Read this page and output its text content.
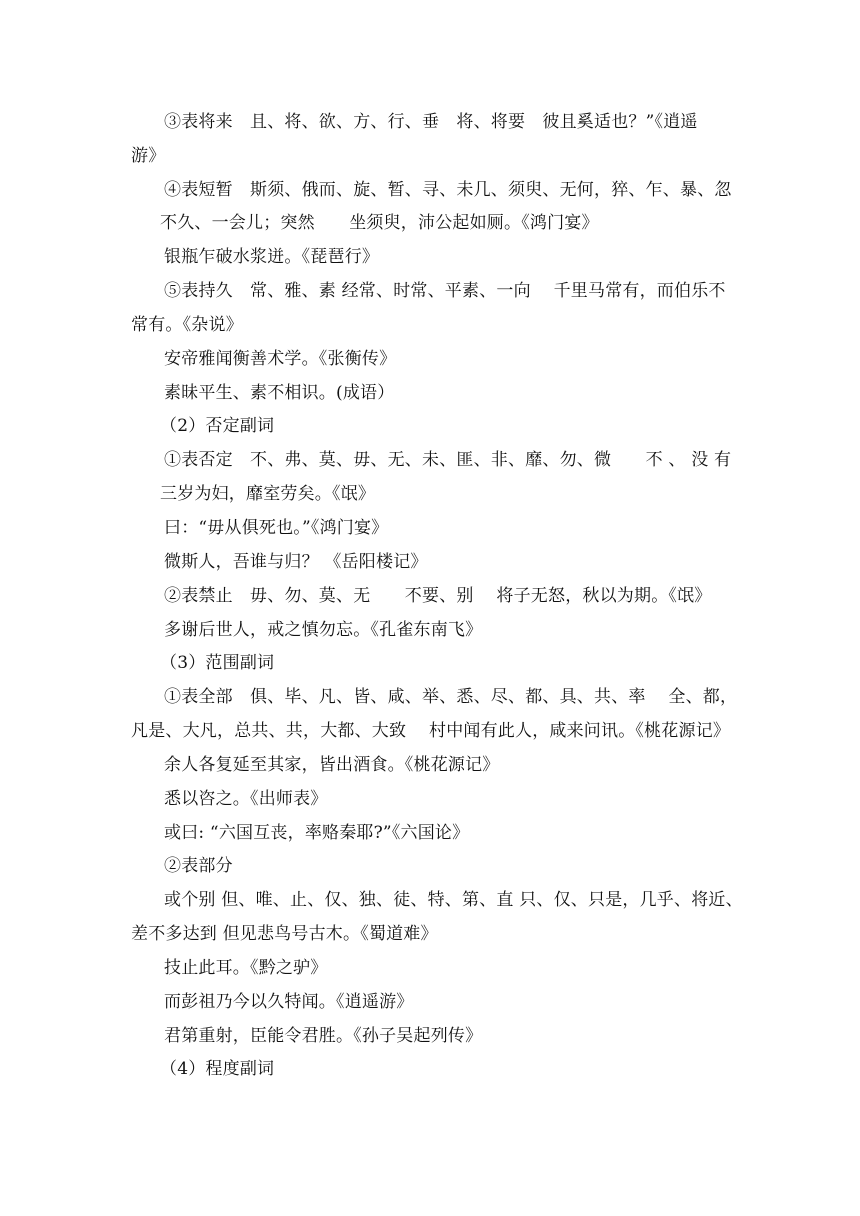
③表将来　且、将、欲、方、行、垂　将、将要　彼且奚适也？”《逍遥
游》
④表短暂　斯须、俄而、旋、暂、寻、未几、须臾、无何，猝、乍、暴、忽
不久、一会儿；突然　　坐须臾，沛公起如厕。《鸿门宴》
银瓶乍破水浆迸。《琵琶行》
⑤表持久　常、雅、素 经常、时常、平素、一向　 千里马常有，而伯乐不
常有。《杂说》
安帝雅闻衡善术学。《张衡传》
素昧平生、素不相识。(成语）
（2）否定副词
①表否定　不、弗、莫、毋、无、未、匪、非、靡、勿、微　　不 、 没 有
三岁为妇，靡室劳矣。《氓》
曰：“毋从俱死也。”《鸿门宴》
微斯人，吾谁与归？ 《岳阳楼记》
②表禁止　毋、勿、莫、无　　不要、别　 将子无怒，秋以为期。《氓》
多谢后世人，戒之慎勿忘。《孔雀东南飞》
（3）范围副词
①表全部　俱、毕、凡、皆、咸、举、悉、尽、都、具、共、率　 全、都，
凡是、大凡，总共、共，大都、大致　 村中闻有此人，咸来问讯。《桃花源记》
余人各复延至其家，皆出酒食。《桃花源记》
悉以咨之。《出师表》
或曰: “六国互丧，率赂秦耶?”《六国论》
②表部分
或个别 但、唯、止、仅、独、徒、特、第、直 只、仅、只是，几乎、将近、
差不多达到 但见悲鸟号古木。《蜀道难》
技止此耳。《黔之驴》
而彭祖乃今以久特闻。《逍遥游》
君第重射，臣能令君胜。《孙子吴起列传》
（4）程度副词
